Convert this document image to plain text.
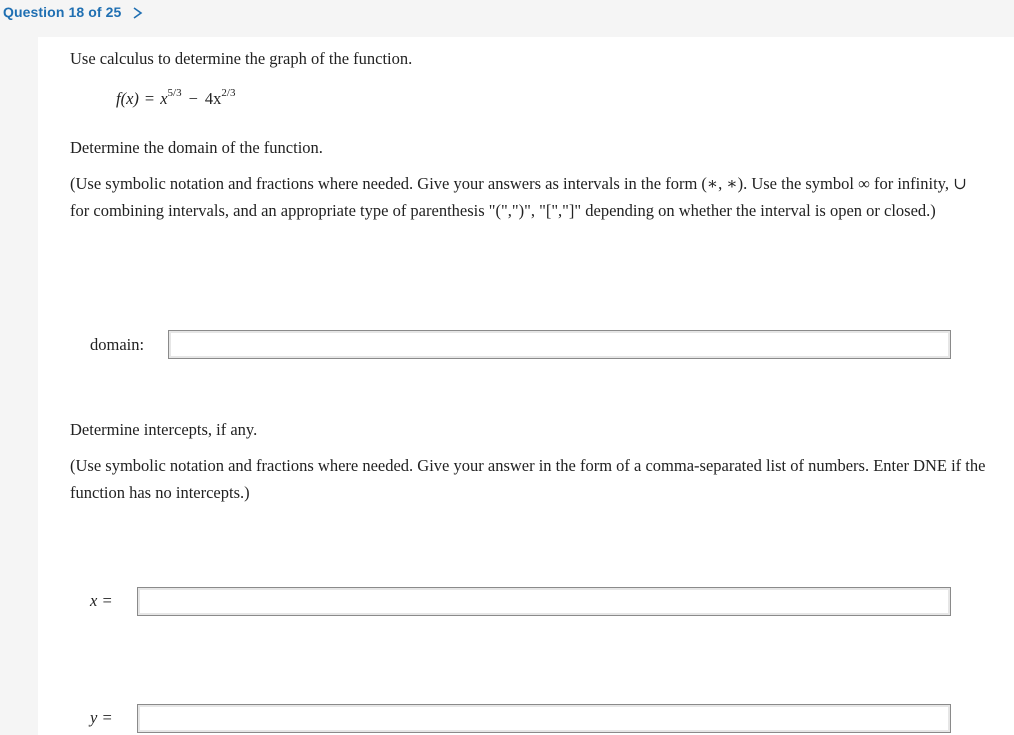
Question 18 of 25
Use calculus to determine the graph of the function.
$f(x) = x^{5/3} - 4x^{2/3}$
Determine the domain of the function.
(Use symbolic notation and fractions where needed. Give your answers as intervals in the form (∗, ∗). Use the symbol ∞ for infinity, ∪ for combining intervals, and an appropriate type of parenthesis "(",")", "[","]" depending on whether the interval is open or closed.)
domain:
Determine intercepts, if any.
(Use symbolic notation and fractions where needed. Give your answer in the form of a comma-separated list of numbers. Enter DNE if the function has no intercepts.)
x =
y =
